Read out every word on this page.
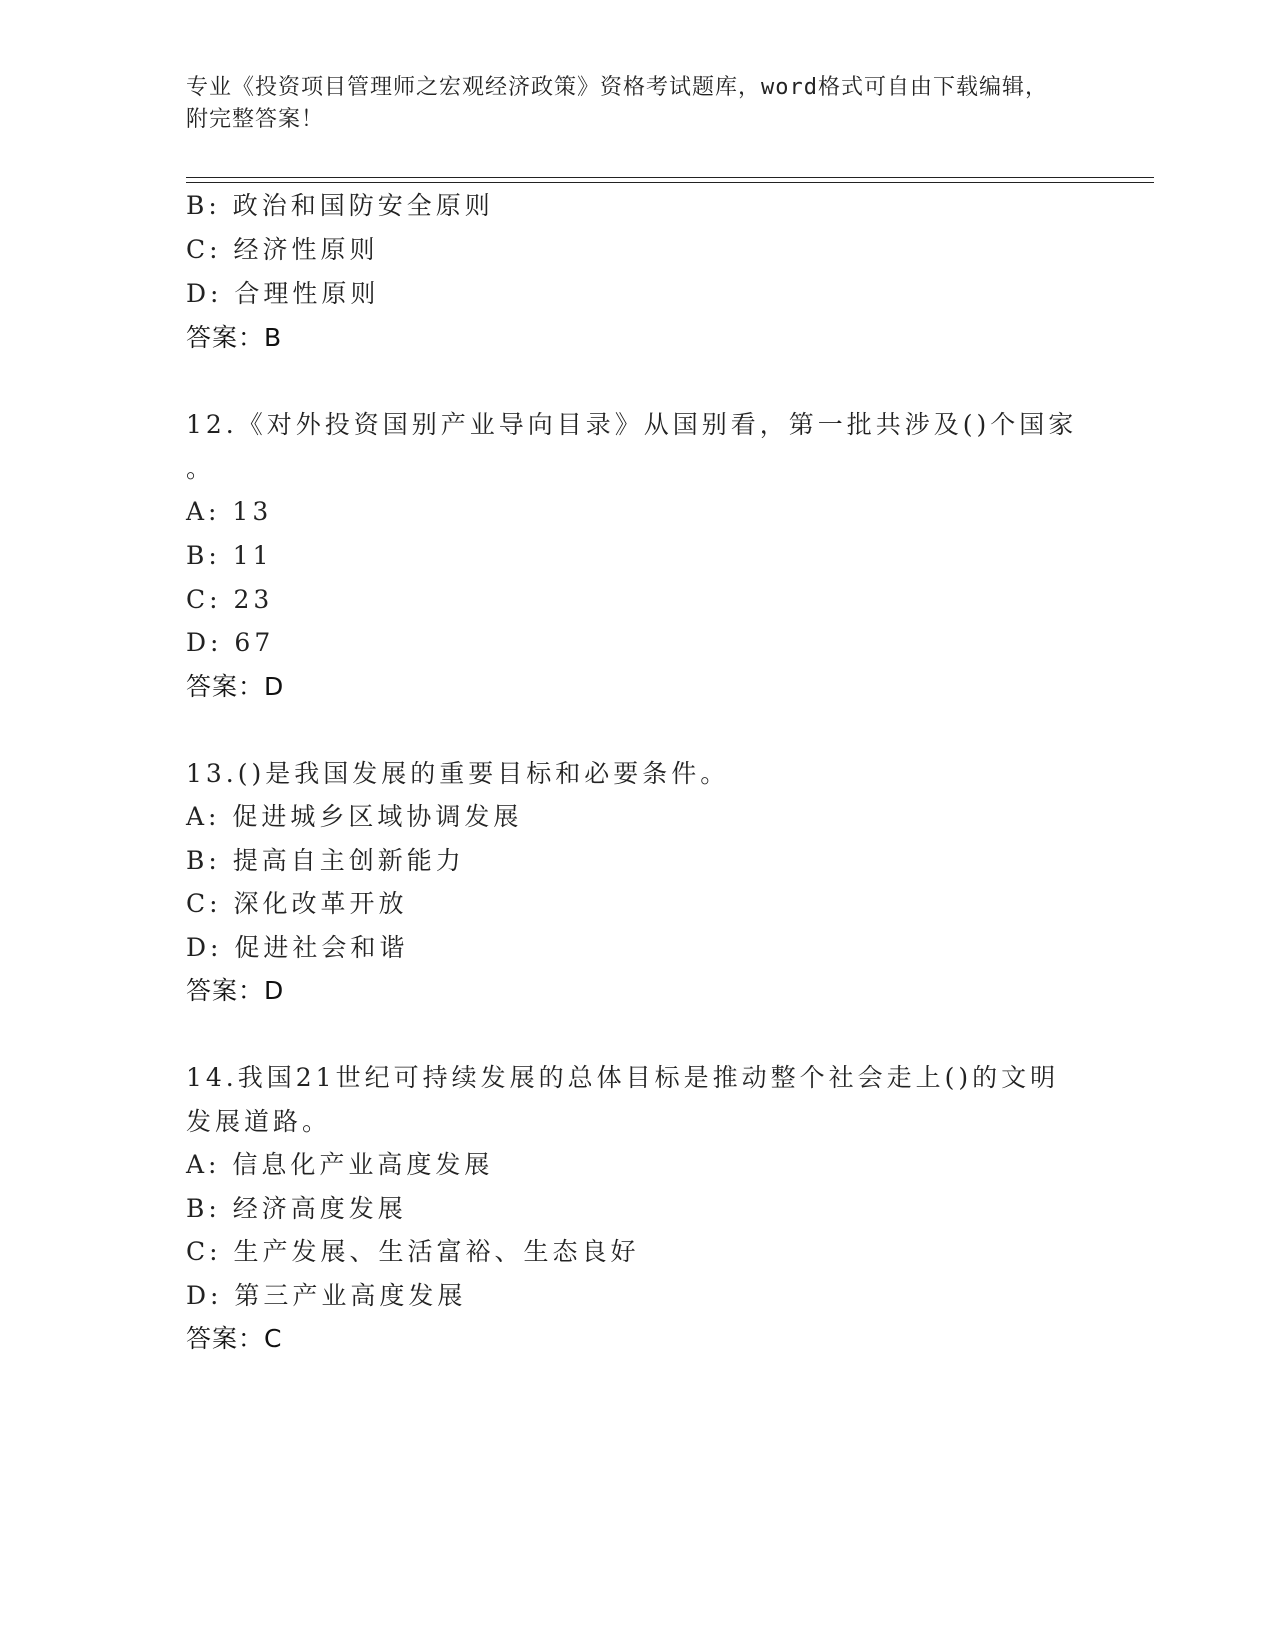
专业《投资项目管理师之宏观经济政策》资格考试题库，word格式可自由下载编辑，附完整答案！
B: 政治和国防安全原则
C: 经济性原则
D: 合理性原则
答案：B
12.《对外投资国别产业导向目录》从国别看，第一批共涉及()个国家
。
A: 13
B: 11
C: 23
D: 67
答案：D
13.()是我国发展的重要目标和必要条件。
A: 促进城乡区域协调发展
B: 提高自主创新能力
C: 深化改革开放
D: 促进社会和谐
答案：D
14.我国21世纪可持续发展的总体目标是推动整个社会走上()的文明
发展道路。
A: 信息化产业高度发展
B: 经济高度发展
C: 生产发展、生活富裕、生态良好
D: 第三产业高度发展
答案：C
